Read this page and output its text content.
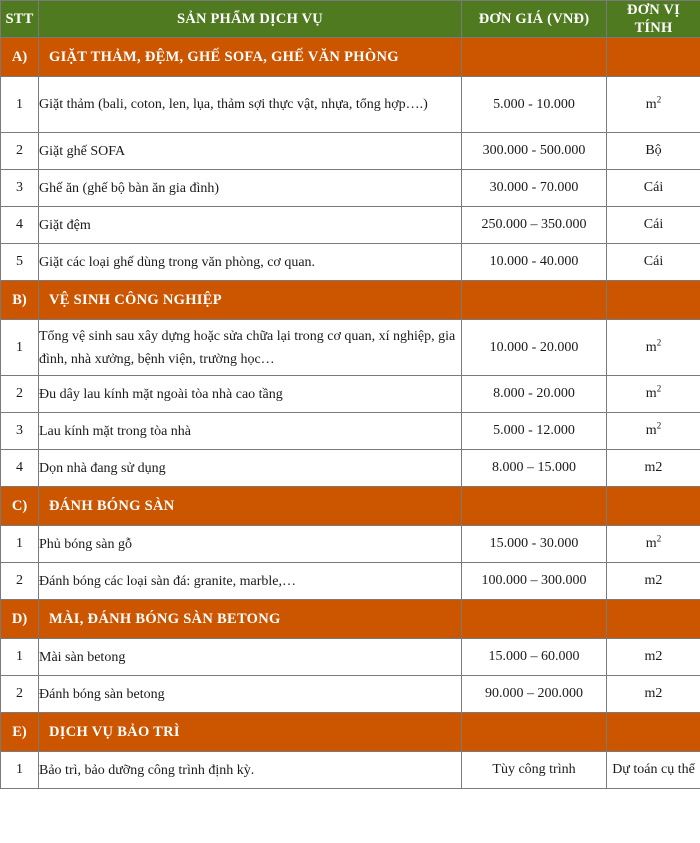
STT	SẢN PHẨM DỊCH VỤ	ĐƠN GIÁ (VNĐ)	ĐƠN VỊ TÍNH
A)	GIẶT THẢM, ĐỆM, GHẾ SOFA, GHẾ VĂN PHÒNG		
1	Giặt thảm (bali, coton, len, lụa, thảm sợi thực vật, nhựa, tổng hợp….)	5.000 - 10.000	$m^2$
2	Giặt ghế SOFA	300.000 - 500.000	Bộ
3	Ghế ăn (ghế bộ bàn ăn gia đình)	30.000 - 70.000	Cái
4	Giặt đệm	250.000 – 350.000	Cái
5	Giặt các loại ghế dùng trong văn phòng, cơ quan.	10.000 - 40.000	Cái
B)	VỆ SINH CÔNG NGHIỆP		
1	Tổng vệ sinh sau xây dựng hoặc sửa chữa lại trong cơ quan, xí nghiệp, gia đình, nhà xưởng, bệnh viện, trường học…	10.000 - 20.000	$m^2$
2	Đu dây lau kính mặt ngoài tòa nhà cao tầng	8.000 - 20.000	$m^2$
3	Lau kính mặt trong tòa nhà	5.000 - 12.000	$m^2$
4	Dọn nhà đang sử dụng	8.000 – 15.000	m2
C)	ĐÁNH BÓNG SÀN		
1	Phủ bóng sàn gỗ	15.000 - 30.000	$m^2$
2	Đánh bóng các loại sàn đá: granite, marble,…	100.000 – 300.000	m2
D)	MÀI, ĐÁNH BÓNG SÀN BETONG		
1	Mài sàn betong	15.000 – 60.000	m2
2	Đánh bóng sàn betong	90.000 – 200.000	m2
E)	DỊCH VỤ BẢO TRÌ		
1	Bảo trì, bảo dưỡng công trình định kỳ.	Tùy công trình	Dự toán cụ thể
